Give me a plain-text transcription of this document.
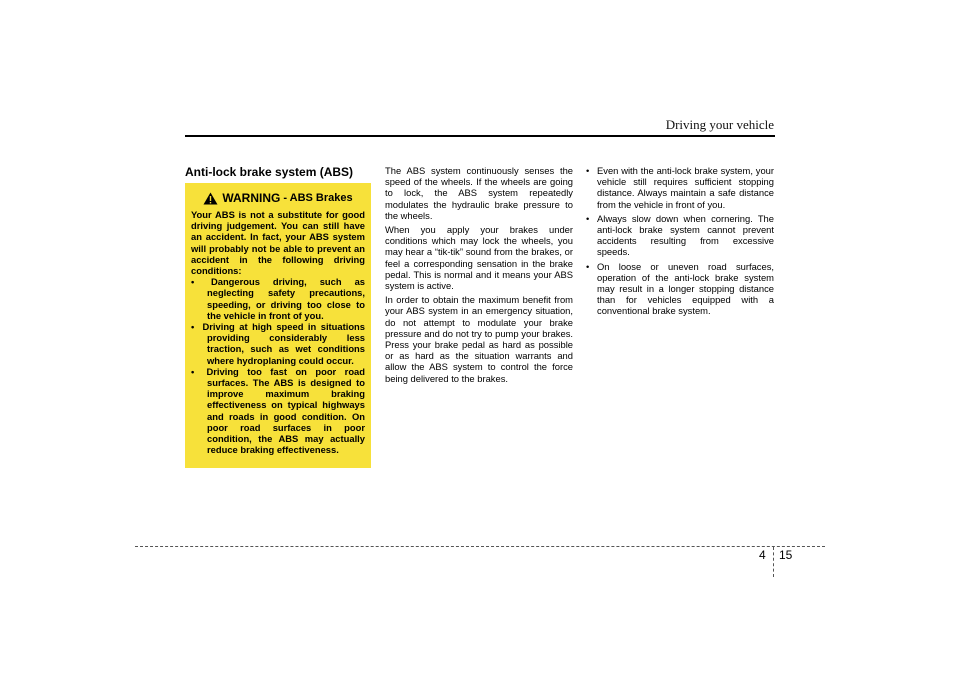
Driving your vehicle
Anti-lock brake system (ABS)
WARNING - ABS Brakes

Your ABS is not a substitute for good driving judgement. You can still have an accident. In fact, your ABS system will probably not be able to prevent an accident in the following driving conditions:

• Dangerous driving, such as neglecting safety precautions, speeding, or driving too close to the vehicle in front of you.
• Driving at high speed in situations providing considerably less traction, such as wet conditions where hydroplaning could occur.
• Driving too fast on poor road surfaces. The ABS is designed to improve maximum braking effectiveness on typical highways and roads in good condition. On poor road surfaces in poor condition, the ABS may actually reduce braking effectiveness.

The ABS system continuously senses the speed of the wheels. If the wheels are going to lock, the ABS system repeatedly modulates the hydraulic brake pressure to the wheels.

When you apply your brakes under conditions which may lock the wheels, you may hear a “tik-tik” sound from the brakes, or feel a corresponding sensation in the brake pedal. This is normal and it means your ABS system is active.

In order to obtain the maximum benefit from your ABS system in an emergency situation, do not attempt to modulate your brake pressure and do not try to pump your brakes. Press your brake pedal as hard as possible or as hard as the situation warrants and allow the ABS system to control the force being delivered to the brakes.

• Even with the anti-lock brake system, your vehicle still requires sufficient stopping distance. Always maintain a safe distance from the vehicle in front of you.
• Always slow down when cornering. The anti-lock brake system cannot prevent accidents resulting from excessive speeds.
• On loose or uneven road surfaces, operation of the anti-lock brake system may result in a longer stopping distance than for vehicles equipped with a conventional brake system.
4 15
